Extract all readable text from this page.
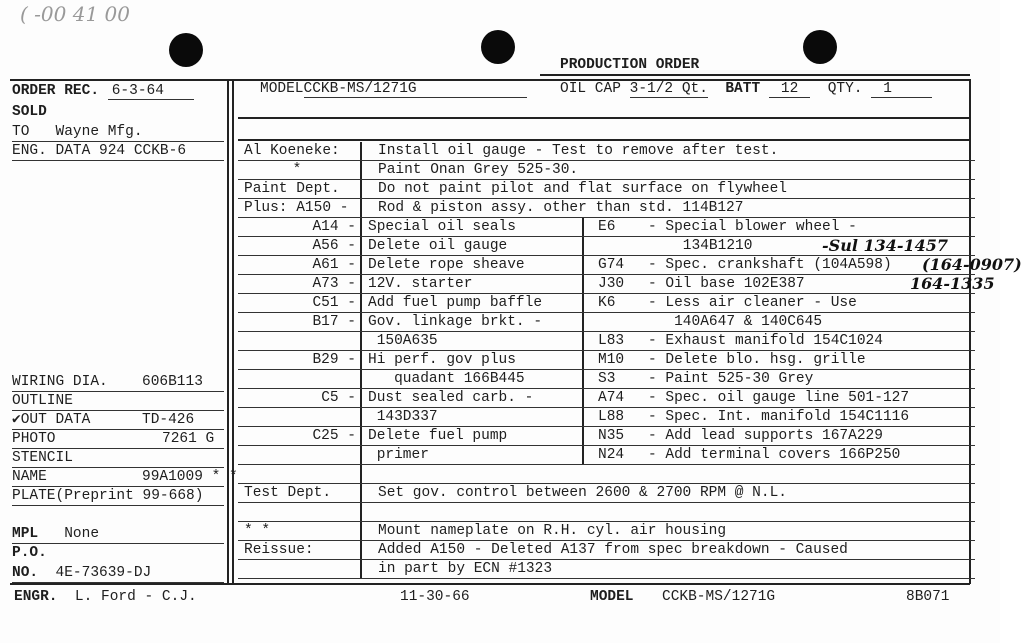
( -00 41 00
PRODUCTION ORDER
ORDER REC. 6-3-64	MODELCCKB-MS/1271G	OIL CAP 3-1/2 Qt. BATT 12 QTY. 1
SOLD
TO Wayne Mfg.
ENG. DATA 924 CCKB-6
WIRING DIA. 606B113
OUTLINE
✔OUT DATA	TD-426
PHOTO	7261 G
STENCIL
NAME	99A1009 * *
PLATE(Preprint 99-668)
MPL None
P.O.
NO. 4E-73639-DJ
Al Koeneke:	Install oil gauge - Test to remove after test.
*	Paint Onan Grey 525-30.
Paint Dept.	Do not paint pilot and flat surface on flywheel
Plus: A150 -	Rod & piston assy. other than std. 114B127
A14 - Special oil seals	E6 - Special blower wheel -
A56 - Delete oil gauge	134B1210	-Sul 134-1457
A61 - Delete rope sheave	G74 - Spec. crankshaft (104A598) (164-0907)
A73 - 12V. starter	J30 - Oil base 102E387	164-1335
C51 - Add fuel pump baffle	K6 - Less air cleaner - Use
B17 - Gov. linkage brkt. -	140A647 & 140C645
150A635	L83 - Exhaust manifold 154C1024
B29 - Hi perf. gov plus	M10 - Delete blo. hsg. grille
quadant 166B445	S3 - Paint 525-30 Grey
C5 - Dust sealed carb. -	A74 - Spec. oil gauge line 501-127
143D337	L88 - Spec. Int. manifold 154C1116
C25 - Delete fuel pump	N35 - Add lead supports 167A229
primer	N24 - Add terminal covers 166P250
Test Dept.	Set gov. control between 2600 & 2700 RPM @ N.L.
* *	Mount nameplate on R.H. cyl. air housing
Reissue:	Added A150 - Deleted A137 from spec breakdown - Caused
in part by ECN #1323
ENGR. L. Ford - C.J.	11-30-66	MODEL CCKB-MS/1271G	8B071
